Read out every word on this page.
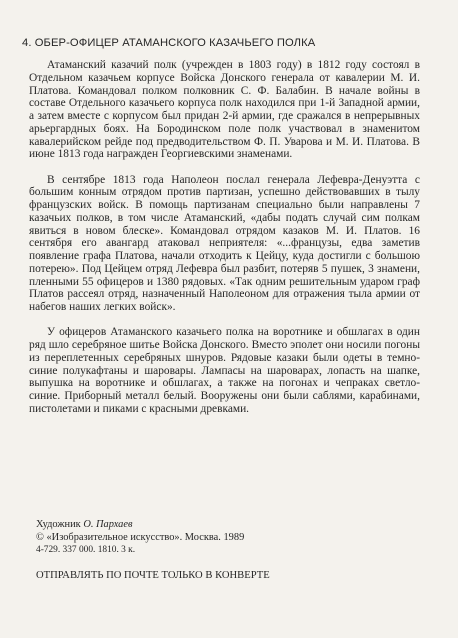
4. ОБЕР-ОФИЦЕР АТАМАНСКОГО КАЗАЧЬЕГО ПОЛКА

Атаманский казачий полк (учрежден в 1803 году) в 1812 году состоял в Отдельном казачьем корпусе Войска Донского генерала от кавалерии М. И. Платова. Командовал полком полковник С. Ф. Балабин. В начале войны в составе Отдельного казачьего корпуса полк находился при 1-й Западной армии, а затем вместе с корпусом был придан 2-й армии, где сражался в непрерывных арьергардных боях. На Бородинском поле полк участвовал в знаменитом кавалерийском рейде под предводительством Ф. П. Уварова и М. И. Платова. В июне 1813 года награжден Георгиевскими знаменами.

В сентябре 1813 года Наполеон послал генерала Лефевра-Денуэтта с большим конным отрядом против партизан, успешно действовавших в тылу французских войск. В помощь партизанам специально были направлены 7 казачьих полков, в том числе Атаманский, «дабы подать случай сим полкам явиться в новом блеске». Командовал отрядом казаков М. И. Платов. 16 сентября его авангард атаковал неприятеля: «...французы, едва заметив появление графа Платова, начали отходить к Цейцу, куда достигли с большою потерею». Под Цейцем отряд Лефевра был разбит, потеряв 5 пушек, 3 знамени, пленными 55 офицеров и 1380 рядовых. «Так одним решительным ударом граф Платов рассеял отряд, назначенный Наполеоном для отражения тыла армии от набегов наших легких войск».

У офицеров Атаманского казачьего полка на воротнике и обшлагах в один ряд шло серебряное шитье Войска Донского. Вместо эполет они носили погоны из переплетенных серебряных шнуров. Рядовые казаки были одеты в темно-синие полукафтаны и шаровары. Лампасы на шароварах, лопасть на шапке, выпушка на воротнике и обшлагах, а также на погонах и чепраках светло-синие. Приборный металл белый. Вооружены они были саблями, карабинами, пистолетами и пиками с красными древками.

Художник О. Пархаев
© «Изобразительное искусство». Москва. 1989
4-729. 337 000. 1810. 3 к.
ОТПРАВЛЯТЬ ПО ПОЧТЕ ТОЛЬКО В КОНВЕРТЕ
